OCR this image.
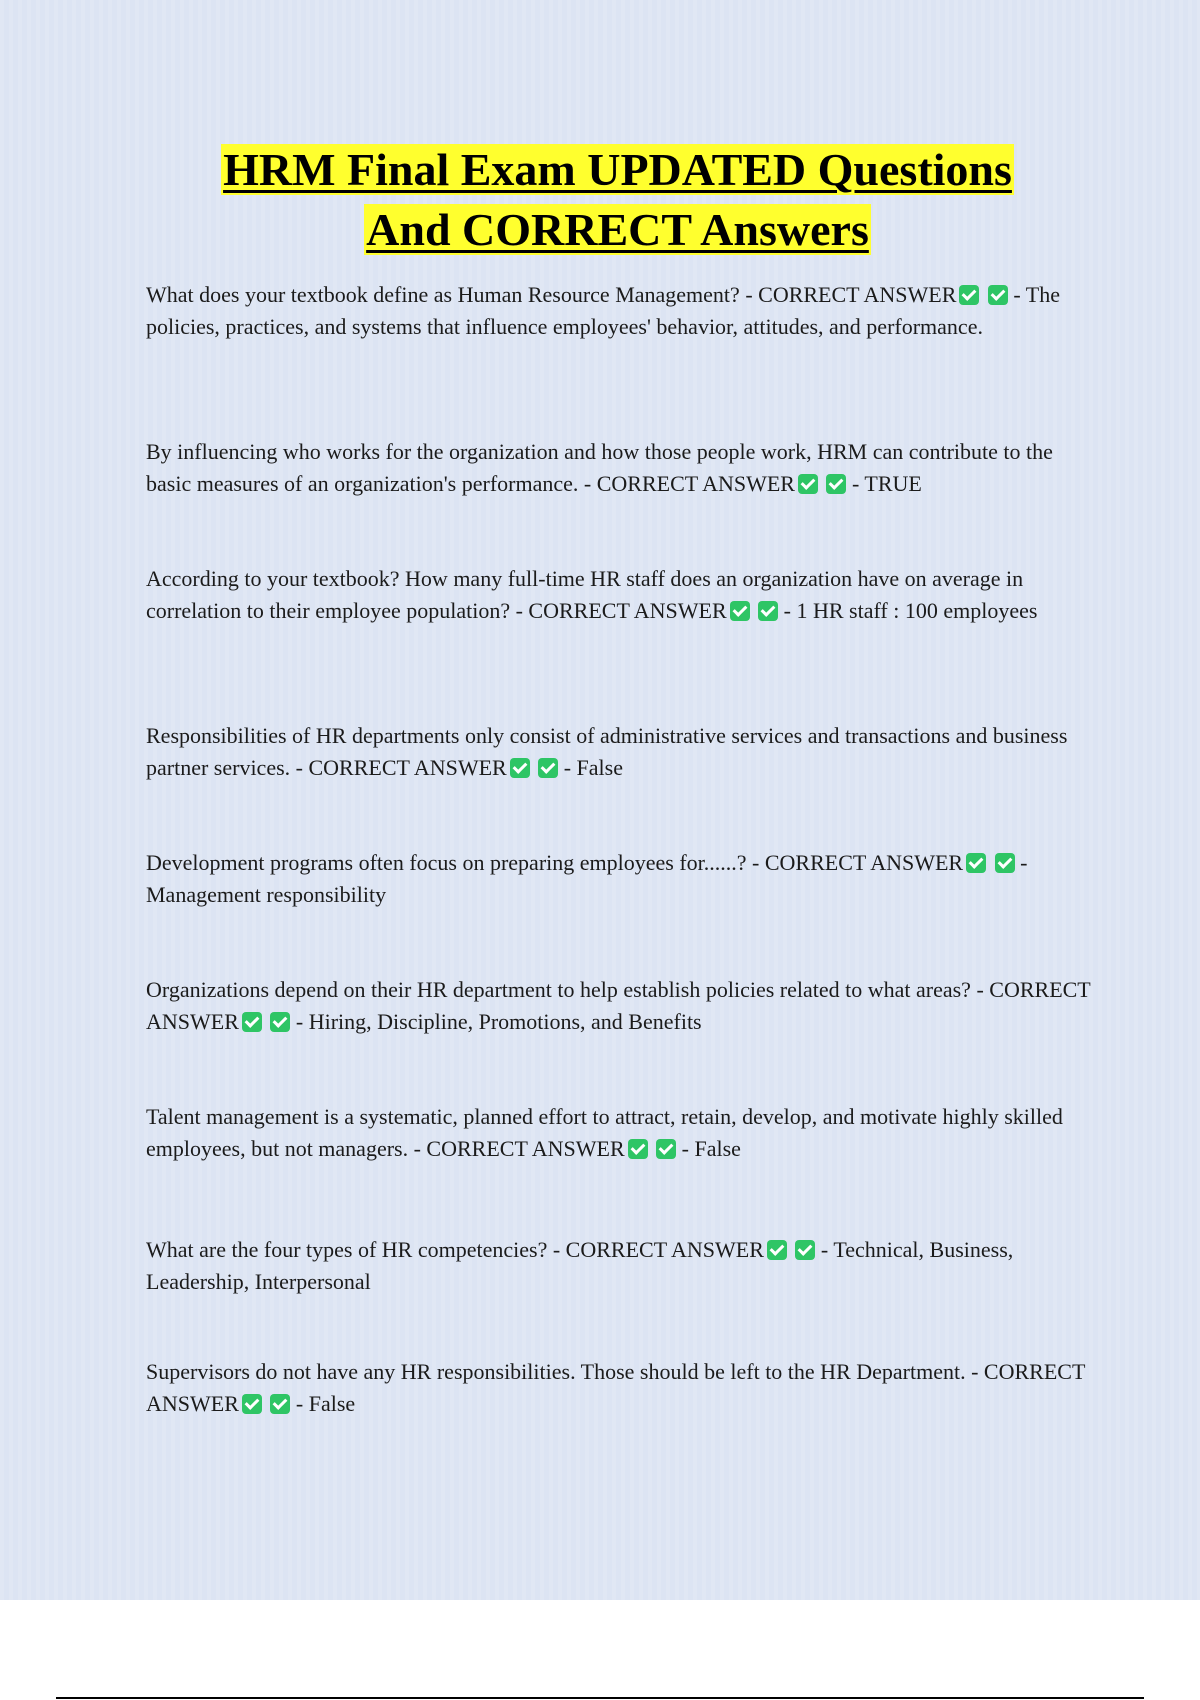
HRM Final Exam UPDATED Questions
And CORRECT Answers

What does your textbook define as Human Resource Management? - CORRECT ANSWER	- The policies, practices, and systems that influence employees' behavior, attitudes, and performance.

By influencing who works for the organization and how those people work, HRM can contribute to the basic measures of an organization's performance. - CORRECT ANSWER	- TRUE

According to your textbook? How many full-time HR staff does an organization have on average in correlation to their employee population? - CORRECT ANSWER	- 1 HR staff : 100 employees

Responsibilities of HR departments only consist of administrative services and transactions and business partner services. - CORRECT ANSWER	- False

Development programs often focus on preparing employees for......? - CORRECT ANSWER	- Management responsibility

Organizations depend on their HR department to help establish policies related to what areas? - CORRECT ANSWER	- Hiring, Discipline, Promotions, and Benefits

Talent management is a systematic, planned effort to attract, retain, develop, and motivate highly skilled employees, but not managers. - CORRECT ANSWER	- False

What are the four types of HR competencies? - CORRECT ANSWER	- Technical, Business, Leadership, Interpersonal

Supervisors do not have any HR responsibilities. Those should be left to the HR Department. - CORRECT ANSWER	- False
